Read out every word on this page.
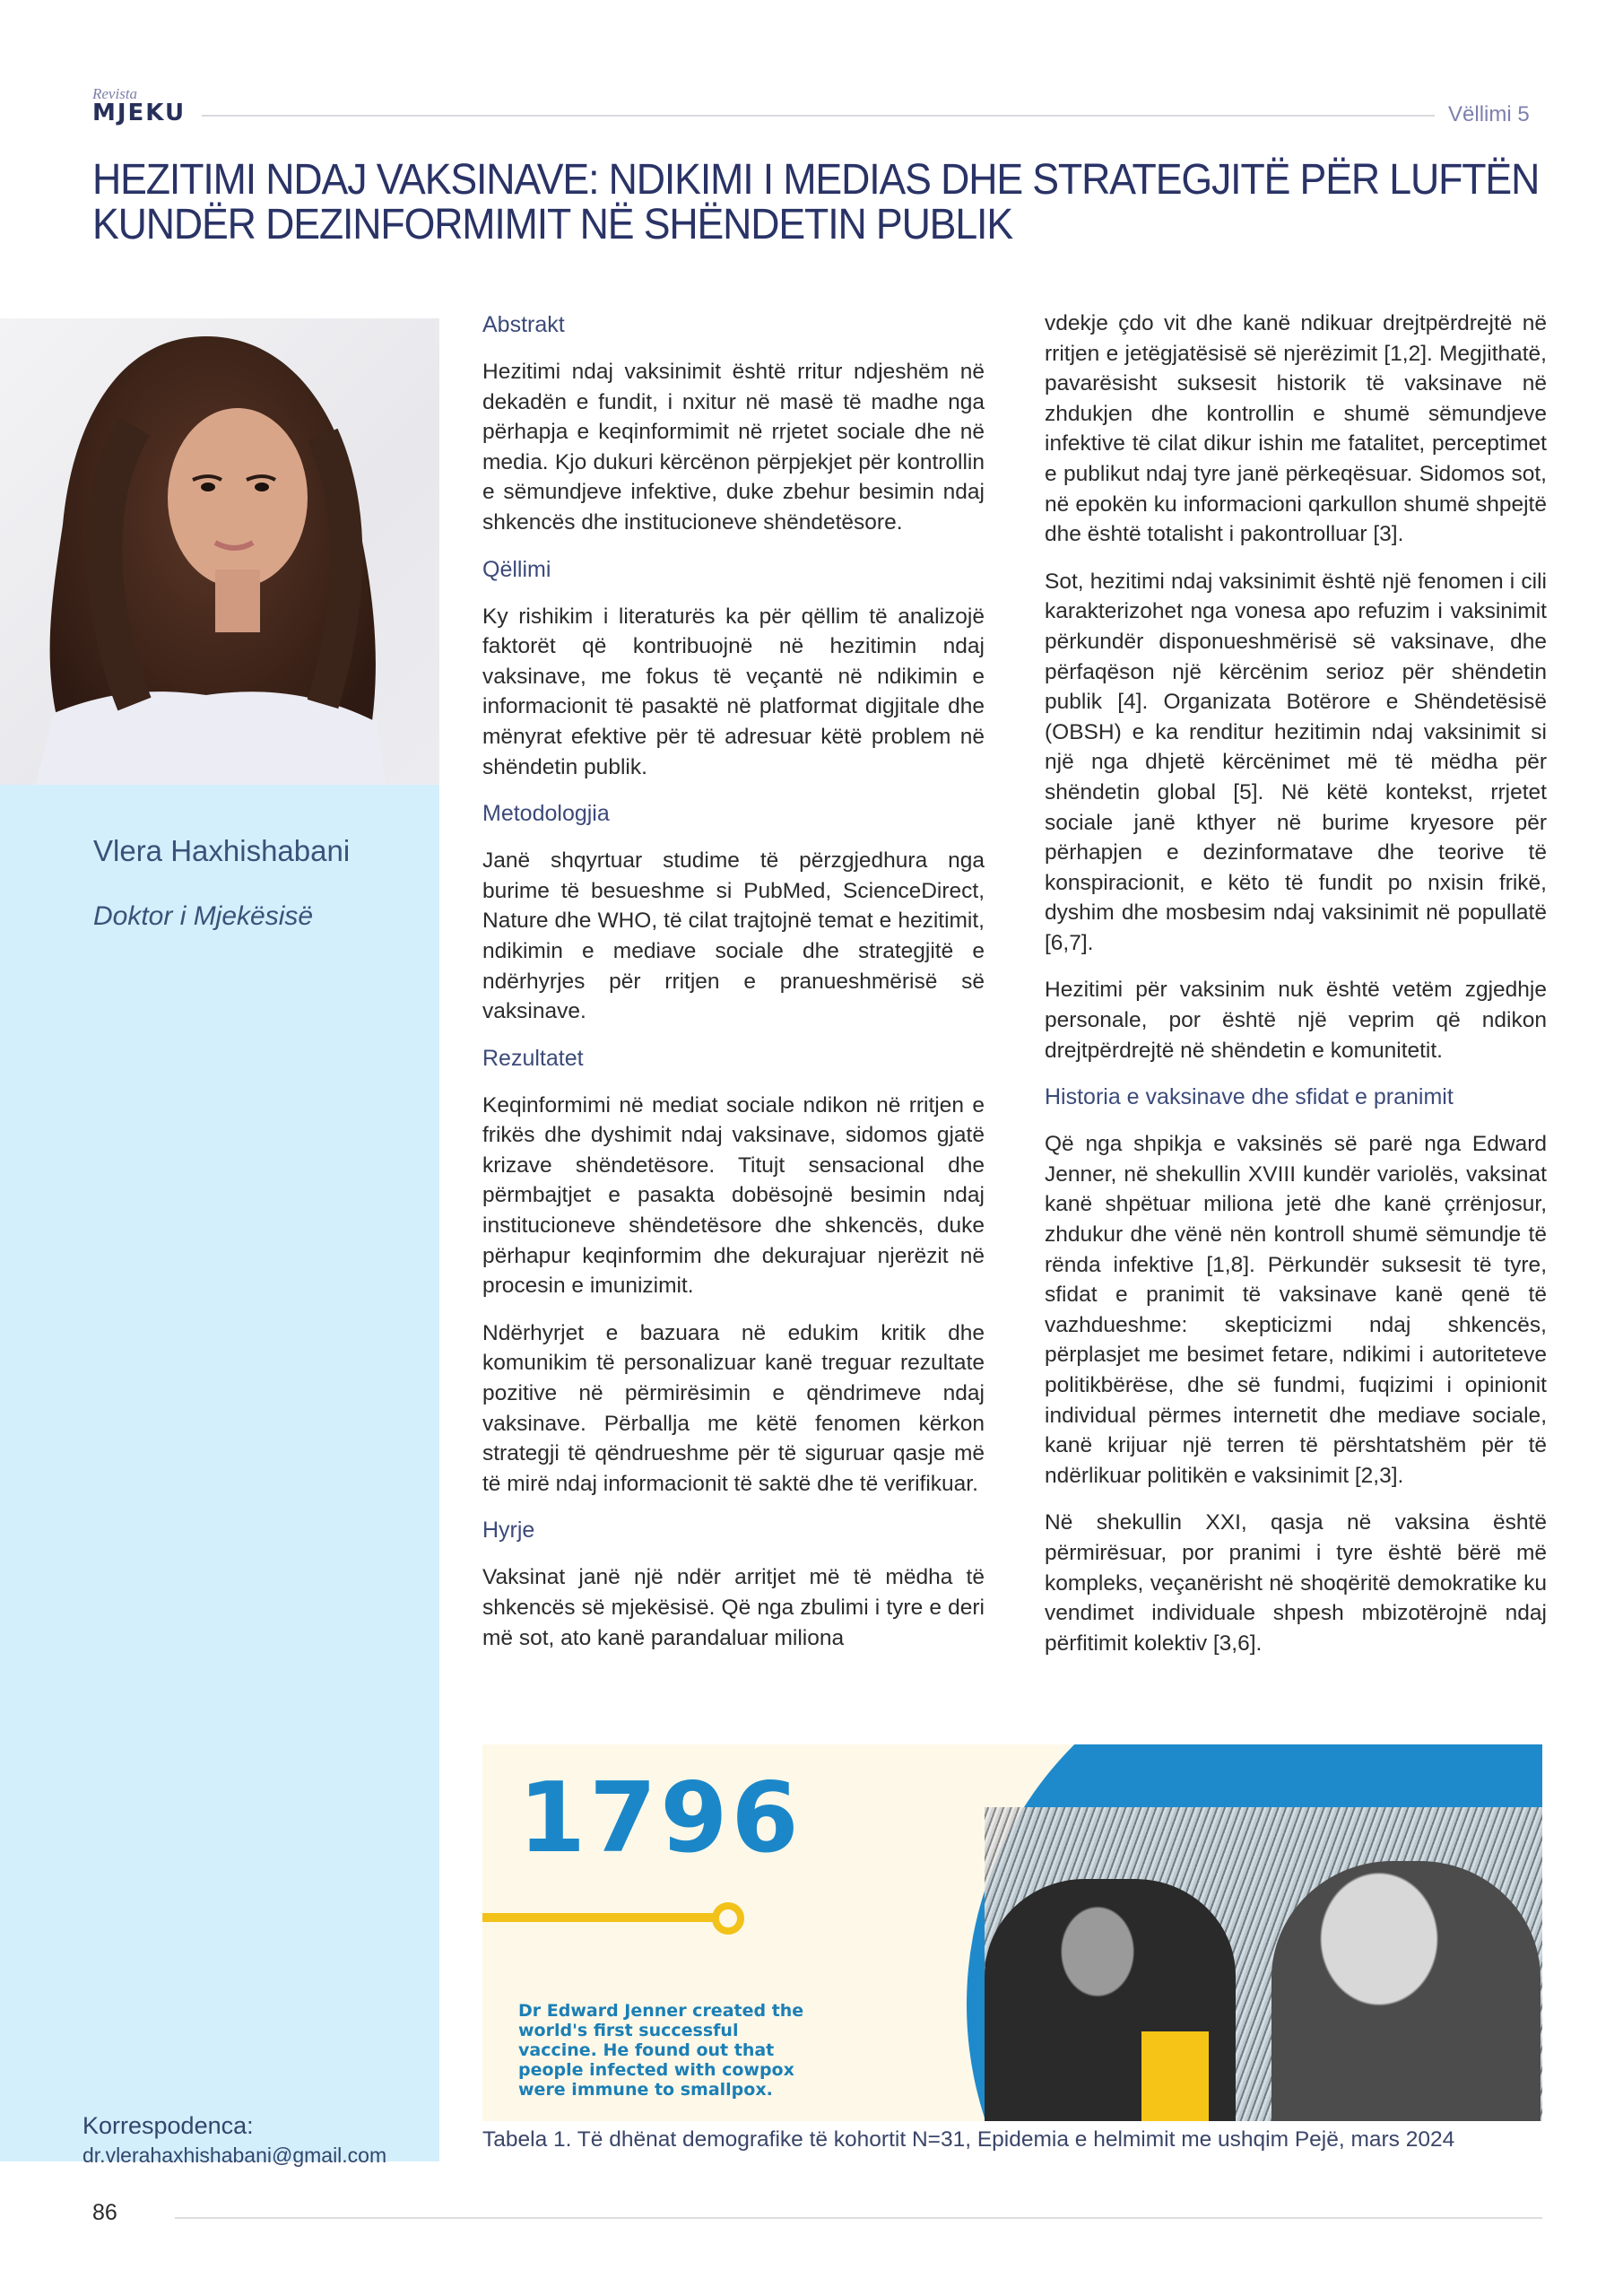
Revista
MJEKU	Vëllimi 5
HEZITIMI NDAJ VAKSINAVE: NDIKIMI I MEDIAS DHE STRATEGJITË PËR LUFTËN
KUNDËR DEZINFORMIMIT NË SHËNDETIN PUBLIK
Vlera Haxhishabani
Doktor i Mjekësisë
Korrespodenca:
dr.vlerahaxhishabani@gmail.com
Abstrakt

Hezitimi ndaj vaksinimit është rritur ndjeshëm në dekadën e fundit, i nxitur në masë të madhe nga përhapja e keqinformimit në rrjetet sociale dhe në media. Kjo dukuri kërcënon përpjekjet për kontrollin e sëmundjeve infektive, duke zbehur besimin ndaj shkencës dhe institucioneve shëndetësore.

Qëllimi

Ky rishikim i literaturës ka për qëllim të analizojë faktorët që kontribuojnë në hezitimin ndaj vaksinave, me fokus të veçantë në ndikimin e informacionit të pasaktë në platformat digjitale dhe mënyrat efektive për të adresuar këtë problem në shëndetin publik.

Metodologjia

Janë shqyrtuar studime të përzgjedhura nga burime të besueshme si PubMed, ScienceDirect, Nature dhe WHO, të cilat trajtojnë temat e hezitimit, ndikimin e mediave sociale dhe strategjitë e ndërhyrjes për rritjen e pranueshmërisë së vaksinave.

Rezultatet

Keqinformimi në mediat sociale ndikon në rritjen e frikës dhe dyshimit ndaj vaksinave, sidomos gjatë krizave shëndetësore. Titujt sensacional dhe përmbajtjet e pasakta dobësojnë besimin ndaj institucioneve shëndetësore dhe shkencës, duke përhapur keqinformim dhe dekurajuar njerëzit në procesin e imunizimit.

Ndërhyrjet e bazuara në edukim kritik dhe komunikim të personalizuar kanë treguar rezultate pozitive në përmirësimin e qëndrimeve ndaj vaksinave. Përballja me këtë fenomen kërkon strategji të qëndrueshme për të siguruar qasje më të mirë ndaj informacionit të saktë dhe të verifikuar.

Hyrje

Vaksinat janë një ndër arritjet më të mëdha të shkencës së mjekësisë. Që nga zbulimi i tyre e deri më sot, ato kanë parandaluar miliona

vdekje çdo vit dhe kanë ndikuar drejtpërdrejtë në rritjen e jetëgjatësisë së njerëzimit [1,2]. Megjithatë, pavarësisht suksesit historik të vaksinave në zhdukjen dhe kontrollin e shumë sëmundjeve infektive të cilat dikur ishin me fatalitet, perceptimet e publikut ndaj tyre janë përkeqësuar. Sidomos sot, në epokën ku informacioni qarkullon shumë shpejtë dhe është totalisht i pakontrolluar [3].

Sot, hezitimi ndaj vaksinimit është një fenomen i cili karakterizohet nga vonesa apo refuzim i vaksinimit përkundër disponueshmërisë së vaksinave, dhe përfaqëson një kërcënim serioz për shëndetin publik [4]. Organizata Botërore e Shëndetësisë (OBSH) e ka renditur hezitimin ndaj vaksinimit si një nga dhjetë kërcënimet më të mëdha për shëndetin global [5]. Në këtë kontekst, rrjetet sociale janë kthyer në burime kryesore për përhapjen e dezinformatave dhe teorive të konspiracionit, e këto të fundit po nxisin frikë, dyshim dhe mosbesim ndaj vaksinimit në popullatë [6,7].

Hezitimi për vaksinim nuk është vetëm zgjedhje personale, por është një veprim që ndikon drejtpërdrejtë në shëndetin e komunitetit.

Historia e vaksinave dhe sfidat e pranimit

Që nga shpikja e vaksinës së parë nga Edward Jenner, në shekullin XVIII kundër variolës, vaksinat kanë shpëtuar miliona jetë dhe kanë çrrënjosur, zhdukur dhe vënë nën kontroll shumë sëmundje të rënda infektive [1,8]. Përkundër suksesit të tyre, sfidat e pranimit të vaksinave kanë qenë të vazhdueshme: skepticizmi ndaj shkencës, përplasjet me besimet fetare, ndikimi i autoriteteve politikbërëse, dhe së fundmi, fuqizimi i opinionit individual përmes internetit dhe mediave sociale, kanë krijuar një terren të përshtatshëm për të ndërlikuar politikën e vaksinimit [2,3].

Në shekullin XXI, qasja në vaksina është përmirësuar, por pranimi i tyre është bërë më kompleks, veçanërisht në shoqëritë demokratike ku vendimet individuale shpesh mbizotërojnë ndaj përfitimit kolektiv [3,6].

1796
Dr Edward Jenner created the world's first successful vaccine. He found out that people infected with cowpox were immune to smallpox.
Tabela 1. Të dhënat demografike të kohortit N=31, Epidemia e helmimit me ushqim Pejë, mars 2024
86
